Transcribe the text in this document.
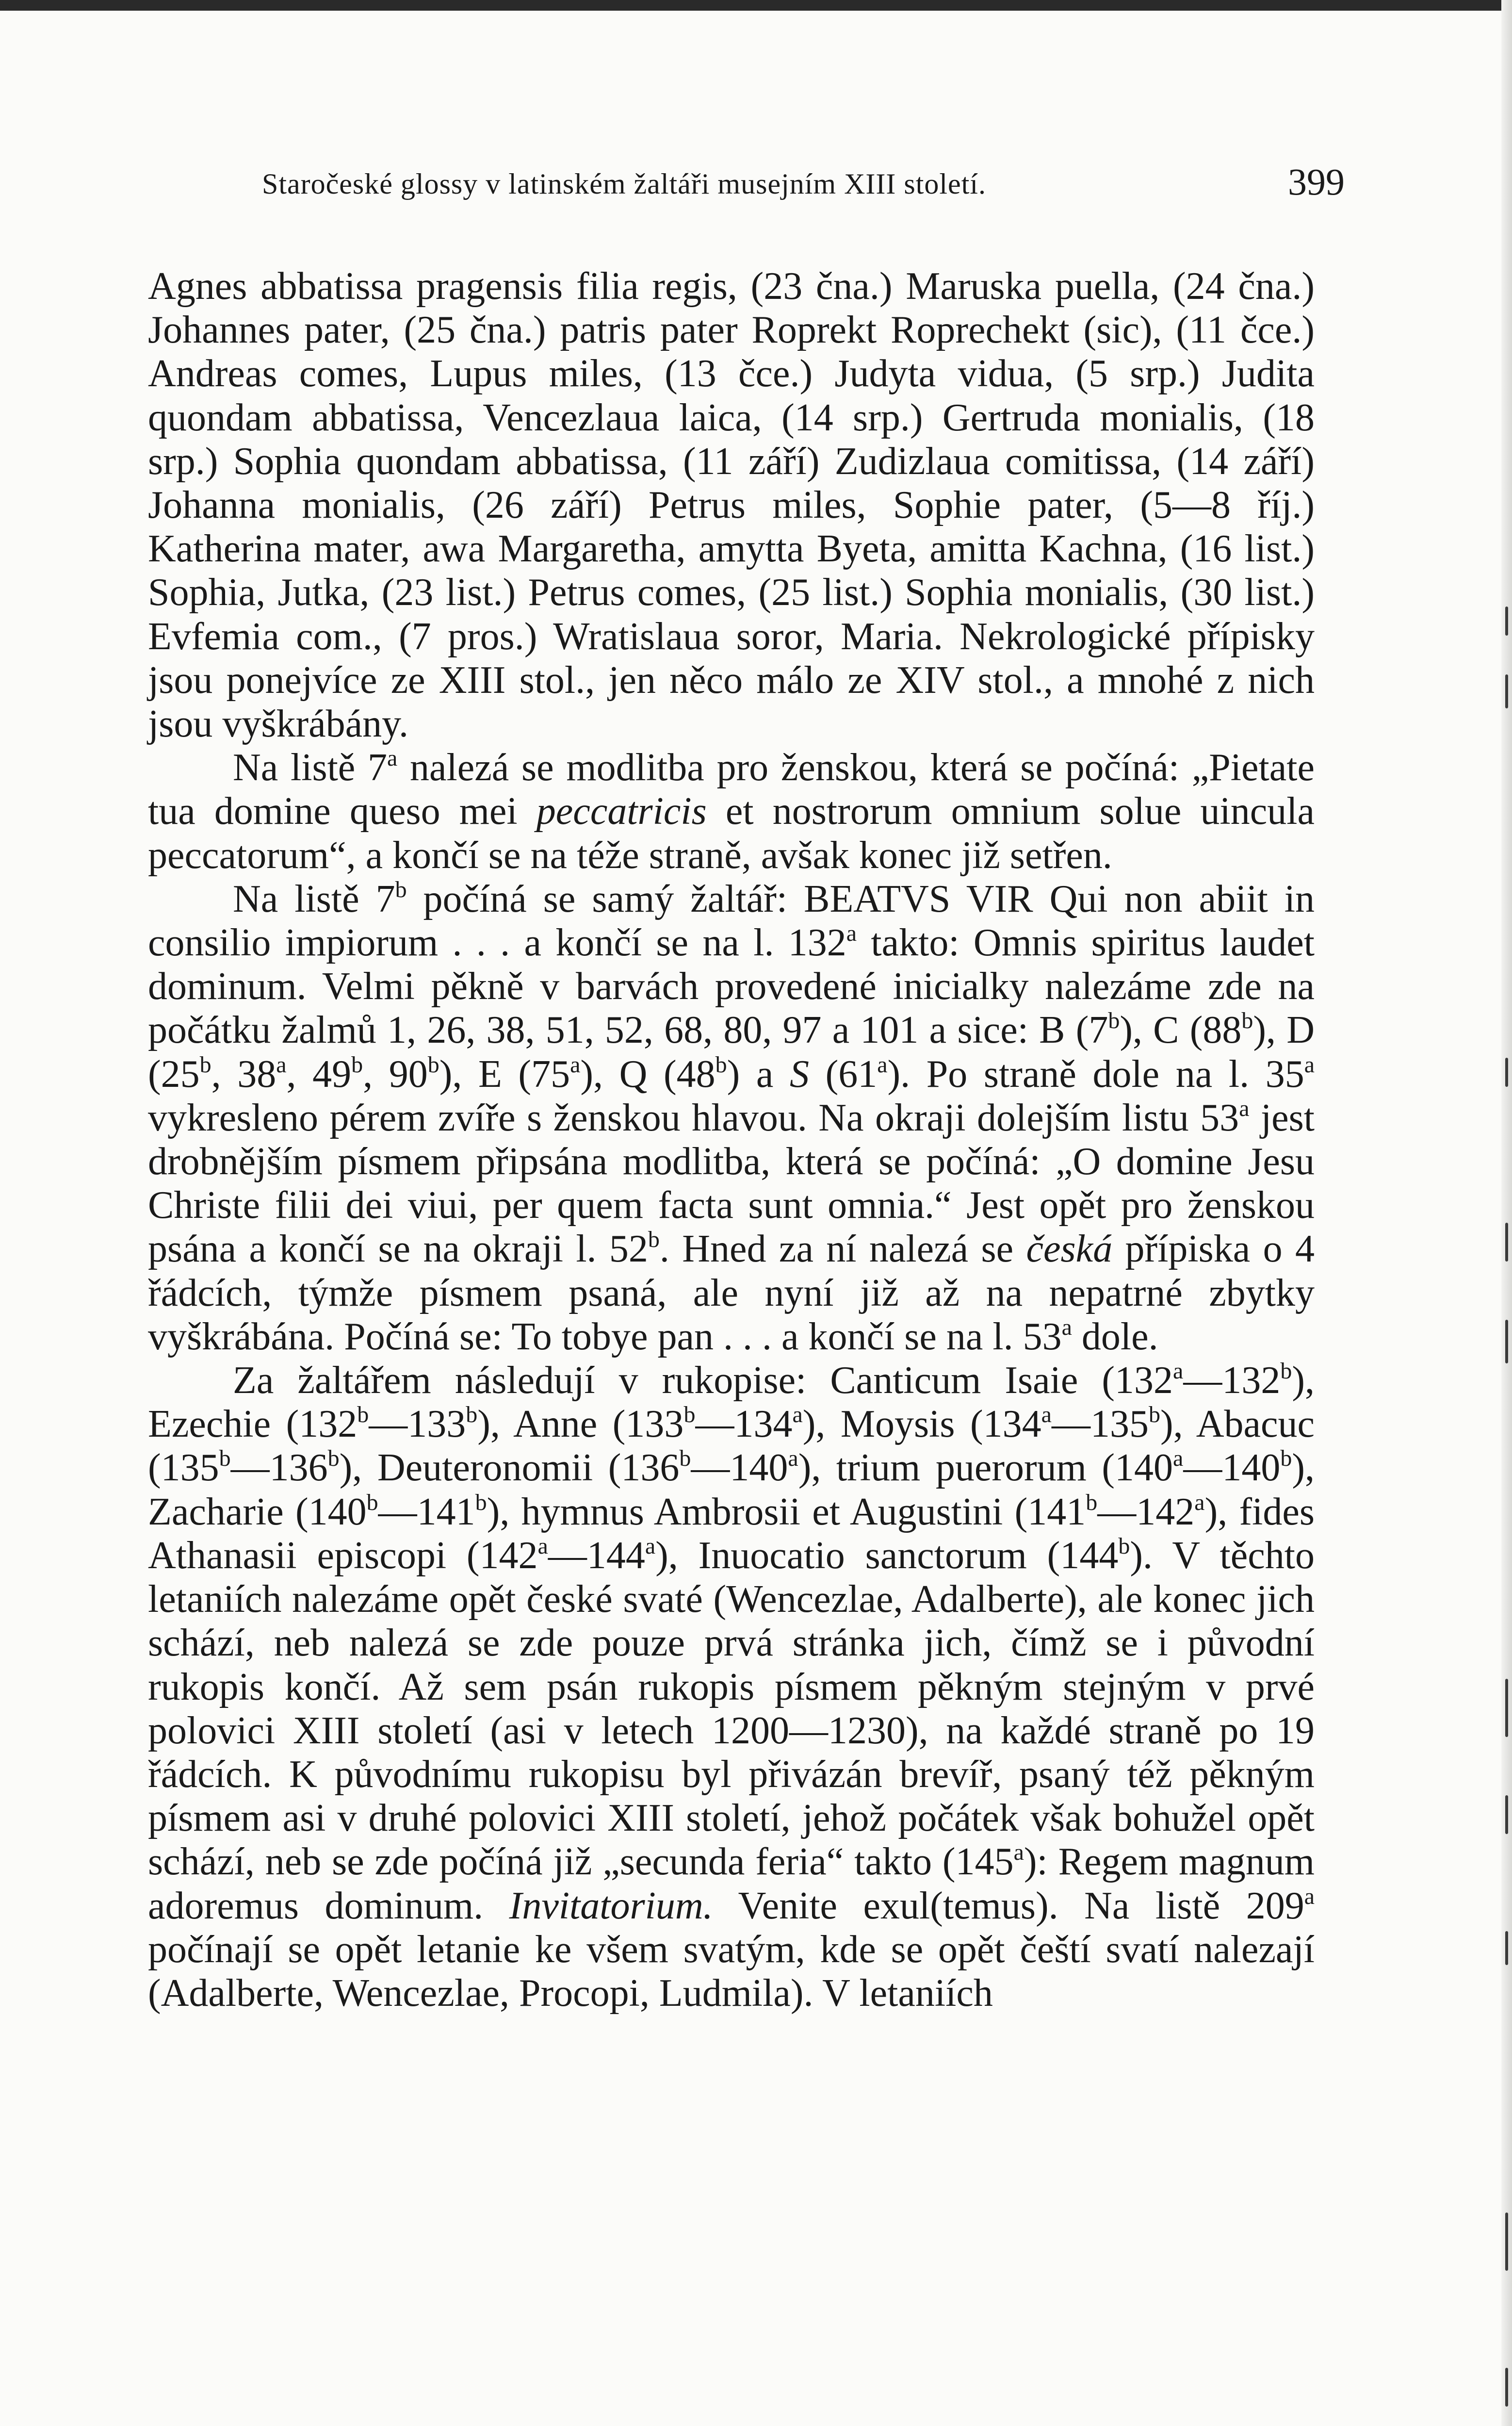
Staročeské glossy v latinském žaltáři musejním XIII století.	399

Agnes abbatissa pragensis filia regis, (23 čna.) Maruska puella, (24 čna.) Johannes pater, (25 čna.) patris pater Roprekt Roprechekt (sic), (11 čce.) Andreas comes, Lupus miles, (13 čce.) Judyta vidua, (5 srp.) Judita quondam abbatissa, Vencezlaua laica, (14 srp.) Gertruda monialis, (18 srp.) Sophia quondam abbatissa, (11 září) Zudizlaua comitissa, (14 září) Johanna monialis, (26 září) Petrus miles, Sophie pater, (5—8 říj.) Katherina mater, awa Margaretha, amytta Byeta, amitta Kachna, (16 list.) Sophia, Jutka, (23 list.) Petrus comes, (25 list.) Sophia monialis, (30 list.) Evfemia com., (7 pros.) Wratislaua soror, Maria. Nekrologické přípisky jsou ponejvíce ze XIII stol., jen něco málo ze XIV stol., a mnohé z nich jsou vyškrábány.

Na listě 7$^a$ nalezá se modlitba pro ženskou, která se počíná: „Pietate tua domine queso mei peccatricis et nostrorum omnium solue uincula peccatorum“, a končí se na téže straně, avšak konec již setřen.

Na listě 7$^b$ počíná se samý žaltář: BEATVS VIR Qui non abiit in consilio impiorum . . . a končí se na l. 132$^a$ takto: Omnis spiritus laudet dominum. Velmi pěkně v barvách provedené inicialky nalezáme zde na počátku žalmů 1, 26, 38, 51, 52, 68, 80, 97 a 101 a sice: B (7$^b$), C (88$^b$), D (25$^b$, 38$^a$, 49$^b$, 90$^b$), E (75$^a$), Q (48$^b$) a S (61$^a$). Po straně dole na l. 35$^a$ vykresleno pérem zvíře s ženskou hlavou. Na okraji dolejším listu 53$^a$ jest drobnějším písmem připsána modlitba, která se počíná: „O domine Jesu Christe filii dei viui, per quem facta sunt omnia.“ Jest opět pro ženskou psána a končí se na okraji l. 52$^b$. Hned za ní nalezá se česká přípiska o 4 řádcích, týmže písmem psaná, ale nyní již až na nepatrné zbytky vyškrábána. Počíná se: To tobye pan . . . a končí se na l. 53$^a$ dole.

Za žaltářem následují v rukopise: Canticum Isaie (132$^a$—132$^b$), Ezechie (132$^b$—133$^b$), Anne (133$^b$—134$^a$), Moysis (134$^a$—135$^b$), Abacuc (135$^b$—136$^b$), Deuteronomii (136$^b$—140$^a$), trium puerorum (140$^a$—140$^b$), Zacharie (140$^b$—141$^b$), hymnus Ambrosii et Augustini (141$^b$—142$^a$), fides Athanasii episcopi (142$^a$—144$^a$), Inuocatio sanctorum (144$^b$). V těchto letaniích nalezáme opět české svaté (Wencezlae, Adalberte), ale konec jich schází, neb nalezá se zde pouze prvá stránka jich, čímž se i původní rukopis končí. Až sem psán rukopis písmem pěkným stejným v prvé polovici XIII století (asi v letech 1200—1230), na každé straně po 19 řádcích. K původnímu rukopisu byl přivázán brevíř, psaný též pěkným písmem asi v druhé polovici XIII století, jehož počátek však bohužel opět schází, neb se zde počíná již „secunda feria“ takto (145$^a$): Regem magnum adoremus dominum. Invitatorium. Venite exul(temus). Na listě 209$^a$ počínají se opět letanie ke všem svatým, kde se opět čeští svatí nalezají (Adalberte, Wencezlae, Procopi, Ludmila). V letaniích
